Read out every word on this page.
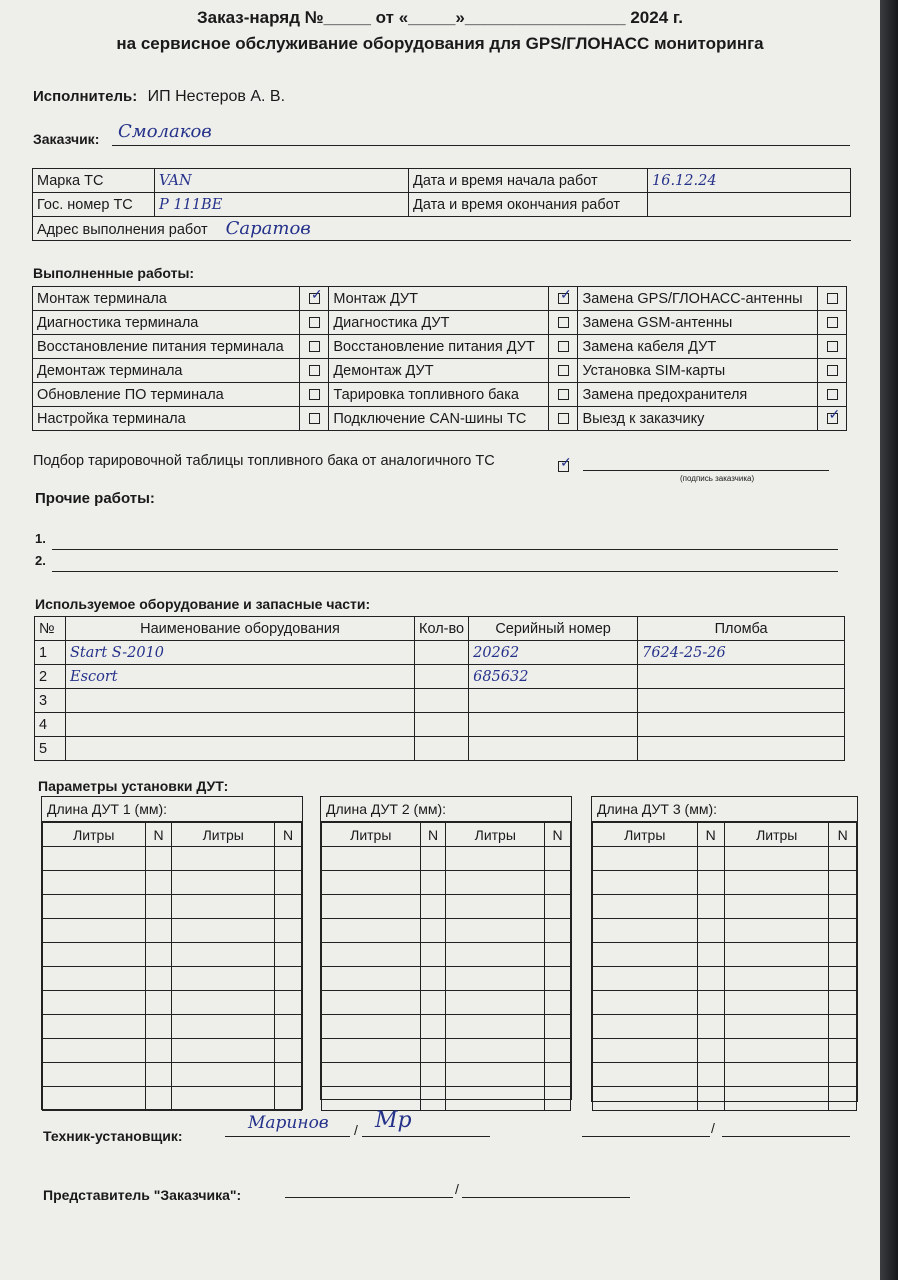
Заказ-наряд №_____ от «_____»_________________ 2024 г.
на сервисное обслуживание оборудования для GPS/ГЛОНАСС мониторинга
Исполнитель: ИП Нестеров А. В.
Заказчик: Смолаков
Марка ТС	VAN	Дата и время начала работ	16.12.24
Гос. номер ТС	Р 111ВЕ	Дата и время окончания работ	
Адрес выполнения работ Саратов			
Выполненные работы:
Монтаж терминала	✓	Монтаж ДУТ	✓	Замена GPS/ГЛОНАСС-антенны	
Диагностика терминала		Диагностика ДУТ		Замена GSM-антенны	
Восстановление питания терминала		Восстановление питания ДУТ		Замена кабеля ДУТ	
Демонтаж терминала		Демонтаж ДУТ		Установка SIM-карты	
Обновление ПО терминала		Тарировка топливного бака		Замена предохранителя	
Настройка терминала		Подключение CAN-шины ТС		Выезд к заказчику	✓
Подбор тарировочной таблицы топливного бака от аналогичного ТС
✓
(подпись заказчика)
Прочие работы:
1.
2.
Используемое оборудование и запасные части:
№	Наименование оборудования	Кол-во	Серийный номер	Пломба
1	Start S-2010		20262	7624-25-26
2	Escort		685632	
3				
4				
5				
Параметры установки ДУТ:
Длина ДУТ 1 (мм):
Литры	N	Литры	N

Длина ДУТ 2 (мм):
Литры	N	Литры	N

Длина ДУТ 3 (мм):
Литры	N	Литры	N

Техник-установщик:
Маринов / Мр	/
Представитель "Заказчика":	/
